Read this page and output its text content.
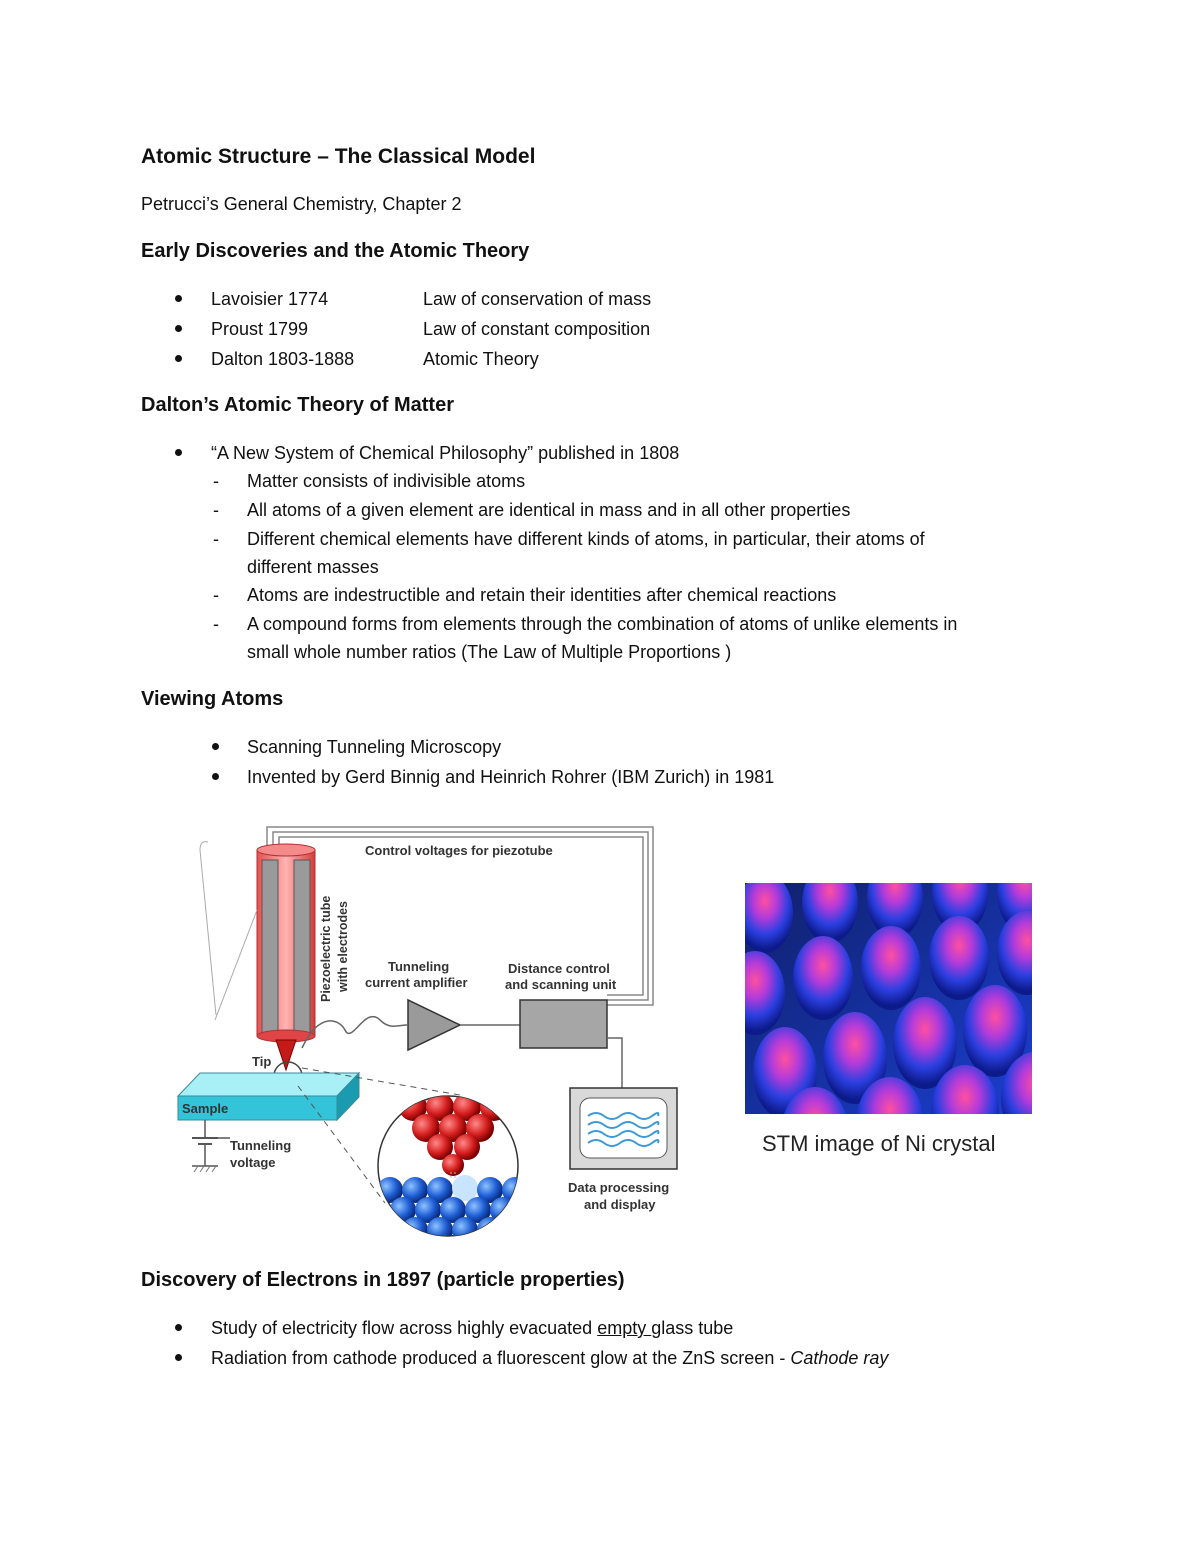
Atomic Structure – The Classical Model
Petrucci’s General Chemistry, Chapter 2
Early Discoveries and the Atomic Theory
Lavoisier 1774	Law of conservation of mass
Proust 1799	Law of constant composition
Dalton 1803-1888	Atomic Theory
Dalton’s Atomic Theory of Matter
“A New System of Chemical Philosophy” published in 1808
- Matter consists of indivisible atoms
- All atoms of a given element are identical in mass and in all other properties
- Different chemical elements have different kinds of atoms, in particular, their atoms of
different masses
- Atoms are indestructible and retain their identities after chemical reactions
- A compound forms from elements through the combination of atoms of unlike elements in
small whole number ratios (The Law of Multiple Proportions )
Viewing Atoms
Scanning Tunneling Microscopy
Invented by Gerd Binnig and Heinrich Rohrer (IBM Zurich) in 1981
Control voltages for piezotube
Piezoelectric tube with electrodes
Tip
Tunneling
current amplifier
Distance control
and scanning unit
Data processing
and display
Sample
Tunneling
voltage
STM image of Ni crystal
Discovery of Electrons in 1897 (particle properties)
Study of electricity flow across highly evacuated empty glass tube
Radiation from cathode produced a fluorescent glow at the ZnS screen - Cathode ray
